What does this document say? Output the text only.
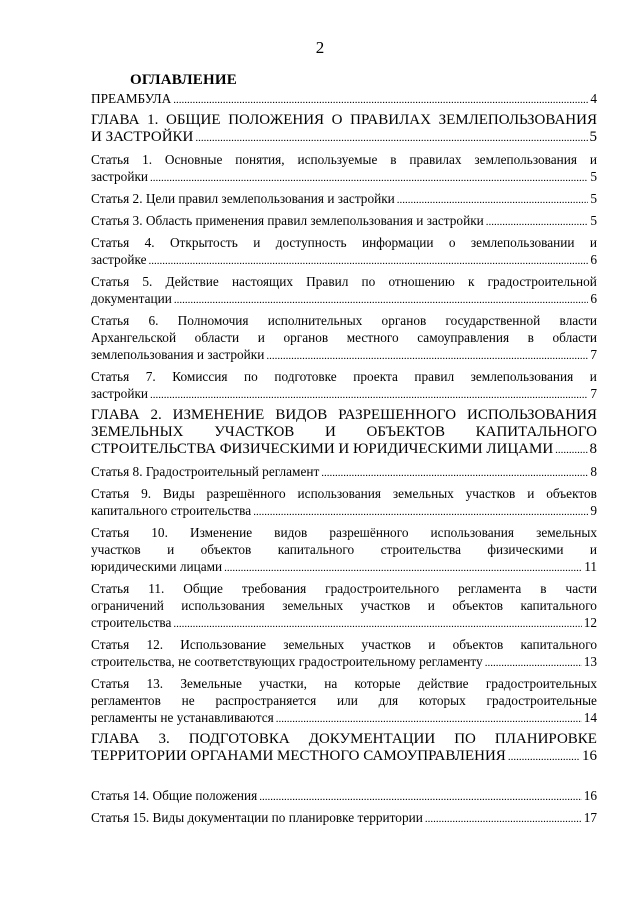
2
ОГЛАВЛЕНИЕ
ПРЕАМБУЛА .....	4
ГЛАВА 1. ОБЩИЕ ПОЛОЖЕНИЯ О ПРАВИЛАХ ЗЕМЛЕПОЛЬЗОВАНИЯ
И ЗАСТРОЙКИ .....	5
Статья 1. Основные понятия, используемые в правилах землепользования и
застройки .....	5
Статья 2. Цели правил землепользования и застройки .....	5
Статья 3. Область применения правил землепользования и застройки .....	5
Статья 4. Открытость и доступность информации о землепользовании и
застройке .....	6
Статья 5. Действие настоящих Правил по отношению к градостроительной
документации .....	6
Статья 6. Полномочия исполнительных органов государственной власти
Архангельской области и органов местного самоуправления в области
землепользования и застройки .....	7
Статья 7. Комиссия по подготовке проекта правил землепользования и
застройки .....	7
ГЛАВА 2. ИЗМЕНЕНИЕ ВИДОВ РАЗРЕШЕННОГО ИСПОЛЬЗОВАНИЯ
ЗЕМЕЛЬНЫХ УЧАСТКОВ И ОБЪЕКТОВ КАПИТАЛЬНОГО
СТРОИТЕЛЬСТВА ФИЗИЧЕСКИМИ И ЮРИДИЧЕСКИМИ ЛИЦАМИ ..... 8
Статья 8. Градостроительный регламент .....	8
Статья 9. Виды разрешённого использования земельных участков и объектов
капитального строительства .....	9
Статья 10. Изменение видов разрешённого использования земельных
участков и объектов капитального строительства физическими и
юридическими лицами .....	11
Статья 11. Общие требования градостроительного регламента в части
ограничений использования земельных участков и объектов капитального
строительства .....	12
Статья 12. Использование земельных участков и объектов капитального
строительства, не соответствующих градостроительному регламенту .....	13
Статья 13. Земельные участки, на которые действие градостроительных
регламентов не распространяется или для которых градостроительные
регламенты не устанавливаются .....	14
ГЛАВА 3. ПОДГОТОВКА ДОКУМЕНТАЦИИ ПО ПЛАНИРОВКЕ
ТЕРРИТОРИИ ОРГАНАМИ МЕСТНОГО САМОУПРАВЛЕНИЯ .....	16
Статья 14. Общие положения .....	16
Статья 15. Виды документации по планировке территории .....	17
